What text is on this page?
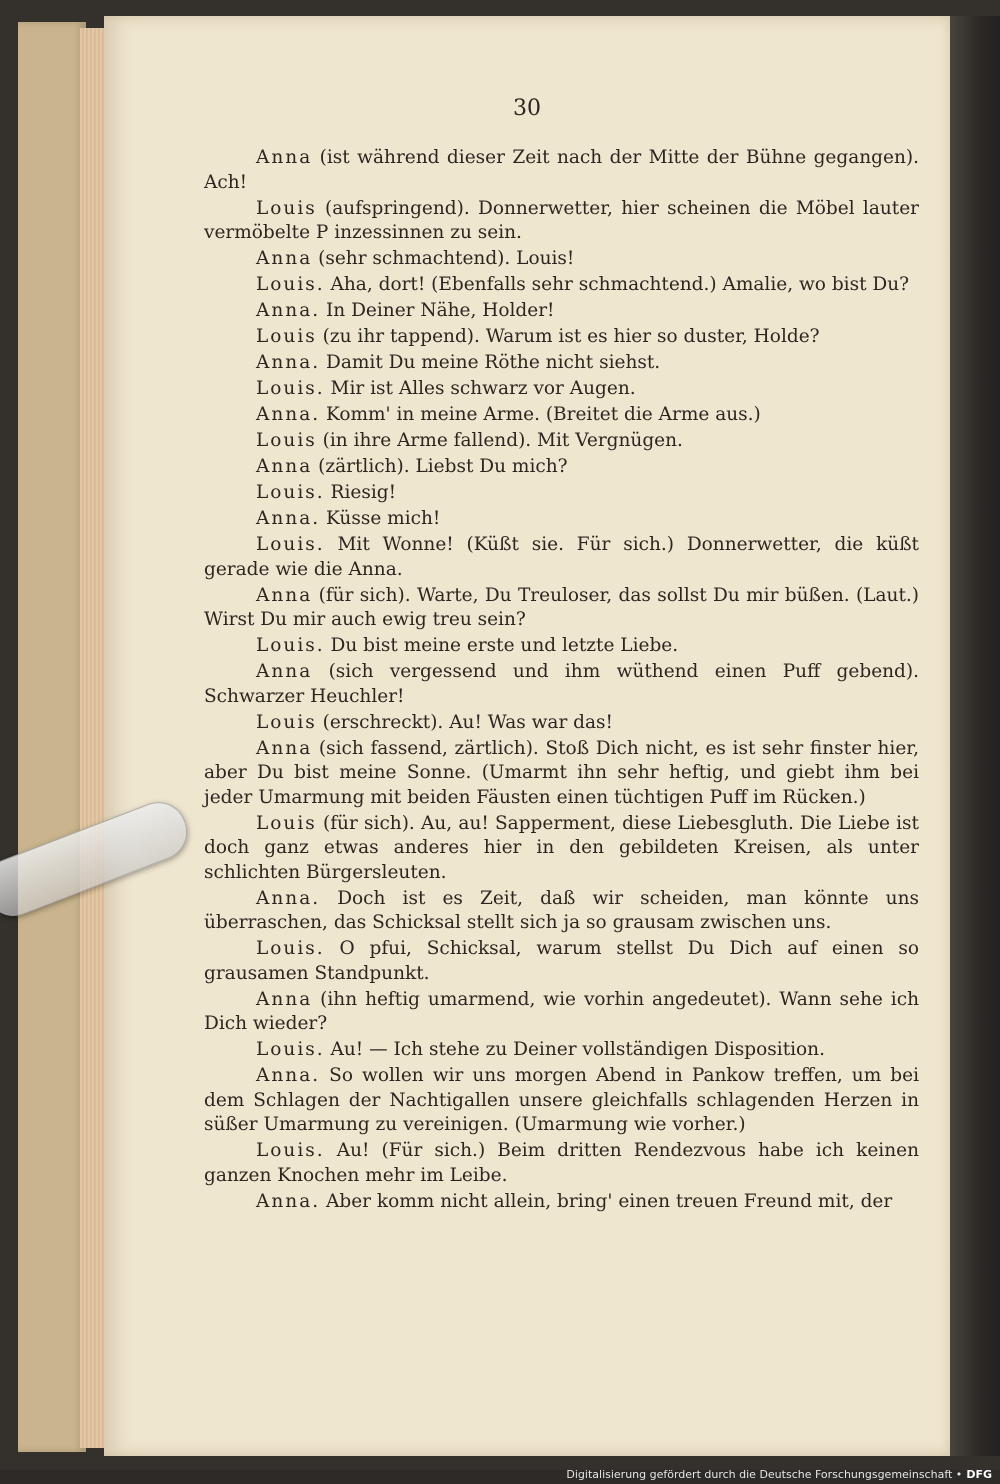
30

Anna (ist während dieser Zeit nach der Mitte der Bühne gegangen). Ach!

Louis (aufspringend). Donnerwetter, hier scheinen die Möbel lauter vermöbelte P inzessinnen zu sein.

Anna (sehr schmachtend). Louis!

Louis. Aha, dort! (Ebenfalls sehr schmachtend.) Amalie, wo bist Du?

Anna. In Deiner Nähe, Holder!

Louis (zu ihr tappend). Warum ist es hier so duster, Holde?

Anna. Damit Du meine Röthe nicht siehst.

Louis. Mir ist Alles schwarz vor Augen.

Anna. Komm' in meine Arme. (Breitet die Arme aus.)

Louis (in ihre Arme fallend). Mit Vergnügen.

Anna (zärtlich). Liebst Du mich?

Louis. Riesig!

Anna. Küsse mich!

Louis. Mit Wonne! (Küßt sie. Für sich.) Donnerwetter, die küßt gerade wie die Anna.

Anna (für sich). Warte, Du Treuloser, das sollst Du mir büßen. (Laut.) Wirst Du mir auch ewig treu sein?

Louis. Du bist meine erste und letzte Liebe.

Anna (sich vergessend und ihm wüthend einen Puff gebend). Schwarzer Heuchler!

Louis (erschreckt). Au! Was war das!

Anna (sich fassend, zärtlich). Stoß Dich nicht, es ist sehr finster hier, aber Du bist meine Sonne. (Umarmt ihn sehr heftig, und giebt ihm bei jeder Umarmung mit beiden Fäusten einen tüchtigen Puff im Rücken.)

Louis (für sich). Au, au! Sapperment, diese Liebesgluth. Die Liebe ist doch ganz etwas anderes hier in den gebildeten Kreisen, als unter schlichten Bürgersleuten.

Anna. Doch ist es Zeit, daß wir scheiden, man könnte uns überraschen, das Schicksal stellt sich ja so grausam zwischen uns.

Louis. O pfui, Schicksal, warum stellst Du Dich auf einen so grausamen Standpunkt.

Anna (ihn heftig umarmend, wie vorhin angedeutet). Wann sehe ich Dich wieder?

Louis. Au! — Ich stehe zu Deiner vollständigen Disposition.

Anna. So wollen wir uns morgen Abend in Pankow treffen, um bei dem Schlagen der Nachtigallen unsere gleichfalls schlagenden Herzen in süßer Umarmung zu vereinigen. (Umarmung wie vorher.)

Louis. Au! (Für sich.) Beim dritten Rendezvous habe ich keinen ganzen Knochen mehr im Leibe.

Anna. Aber komm nicht allein, bring' einen treuen Freund mit, der

Digitalisierung gefördert durch die Deutsche Forschungsgemeinschaft • DFG
